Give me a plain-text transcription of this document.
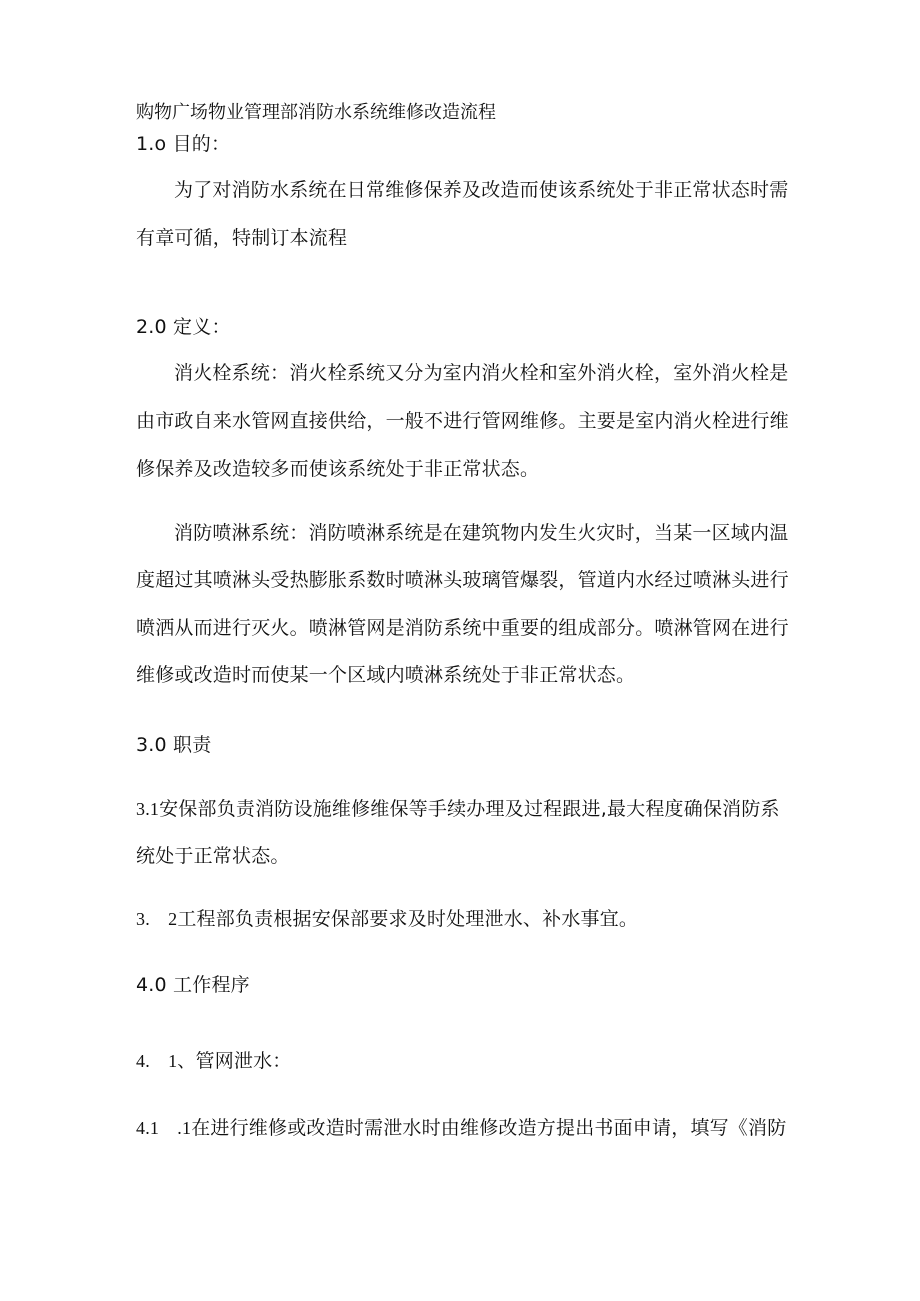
购物广场物业管理部消防水系统维修改造流程
1.o 目的：
为了对消防水系统在日常维修保养及改造而使该系统处于非正常状态时需
有章可循，特制订本流程
2.0 定义：
消火栓系统：消火栓系统又分为室内消火栓和室外消火栓，室外消火栓是
由市政自来水管网直接供给，一般不进行管网维修。主要是室内消火栓进行维
修保养及改造较多而使该系统处于非正常状态。
消防喷淋系统：消防喷淋系统是在建筑物内发生火灾时，当某一区域内温
度超过其喷淋头受热膨胀系数时喷淋头玻璃管爆裂，管道内水经过喷淋头进行
喷洒从而进行灭火。喷淋管网是消防系统中重要的组成部分。喷淋管网在进行
维修或改造时而使某一个区域内喷淋系统处于非正常状态。
3.0 职责
3.1安保部负责消防设施维修维保等手续办理及过程跟进,最大程度确保消防系
统处于正常状态。
3.　2工程部负责根据安保部要求及时处理泄水、补水事宜。
4.0 工作程序
4.　1、管网泄水：
4.1　.1在进行维修或改造时需泄水时由维修改造方提出书面申请，填写《消防
